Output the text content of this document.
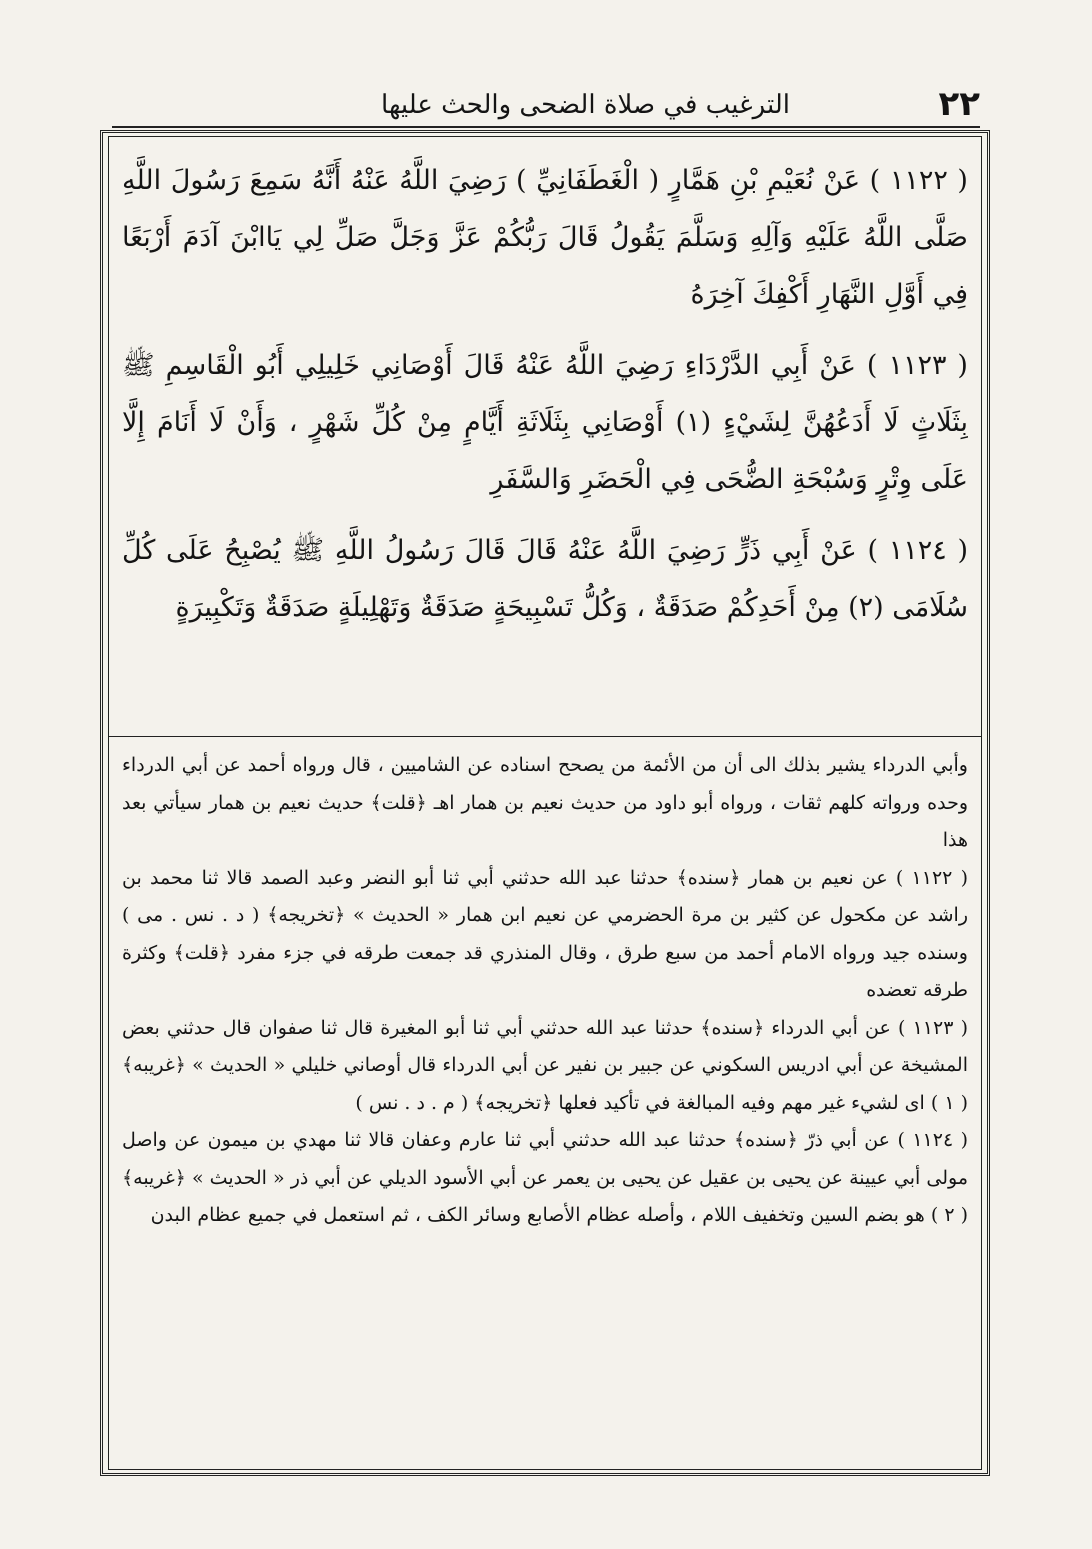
٢٢
الترغيب في صلاة الضحى والحث عليها

( ١١٢٢ ) عَنْ نُعَيْمِ بْنِ هَمَّارٍ ( الْغَطَفَانِيِّ ) رَضِيَ اللَّهُ عَنْهُ أَنَّهُ سَمِعَ رَسُولَ اللَّهِ صَلَّى اللَّهُ عَلَيْهِ وَآلِهِ وَسَلَّمَ يَقُولُ قَالَ رَبُّكُمْ عَزَّ وَجَلَّ صَلِّ لِي يَاابْنَ آدَمَ أَرْبَعًا فِي أَوَّلِ النَّهَارِ أَكْفِكَ آخِرَهُ

( ١١٢٣ ) عَنْ أَبِي الدَّرْدَاءِ رَضِيَ اللَّهُ عَنْهُ قَالَ أَوْصَانِي خَلِيلِي أَبُو الْقَاسِمِ ﷺ بِثَلَاثٍ لَا أَدَعُهُنَّ لِشَيْءٍ (١) أَوْصَانِي بِثَلَاثَةِ أَيَّامٍ مِنْ كُلِّ شَهْرٍ ، وَأَنْ لَا أَنَامَ إِلَّا عَلَى وِتْرٍ وَسُبْحَةِ الضُّحَى فِي الْحَضَرِ وَالسَّفَرِ

( ١١٢٤ ) عَنْ أَبِي ذَرٍّ رَضِيَ اللَّهُ عَنْهُ قَالَ قَالَ رَسُولُ اللَّهِ ﷺ يُصْبِحُ عَلَى كُلِّ سُلَامَى (٢) مِنْ أَحَدِكُمْ صَدَقَةٌ ، وَكُلُّ تَسْبِيحَةٍ صَدَقَةٌ وَتَهْلِيلَةٍ صَدَقَةٌ وَتَكْبِيرَةٍ

وأبي الدرداء يشير بذلك الى أن من الأئمة من يصحح اسناده عن الشاميين ، قال ورواه أحمد عن أبي الدرداء وحده ورواته كلهم ثقات ، ورواه أبو داود من حديث نعيم بن همار اهـ ﴿قلت﴾ حديث نعيم بن همار سيأتي بعد هذا

( ١١٢٢ ) عن نعيم بن همار ﴿سنده﴾ حدثنا عبد الله حدثني أبي ثنا أبو النضر وعبد الصمد قالا ثنا محمد بن راشد عن مكحول عن كثير بن مرة الحضرمي عن نعيم ابن همار « الحديث » ﴿تخريجه﴾ ( د . نس . مى ) وسنده جيد ورواه الامام أحمد من سبع طرق ، وقال المنذري قد جمعت طرقه في جزء مفرد ﴿قلت﴾ وكثرة طرقه تعضده

( ١١٢٣ ) عن أبي الدرداء ﴿سنده﴾ حدثنا عبد الله حدثني أبي ثنا أبو المغيرة قال ثنا صفوان قال حدثني بعض المشيخة عن أبي ادريس السكوني عن جبير بن نفير عن أبي الدرداء قال أوصاني خليلي « الحديث » ﴿غريبه﴾ ( ١ ) اى لشيء غير مهم وفيه المبالغة في تأكيد فعلها ﴿تخريجه﴾ ( م . د . نس )

( ١١٢٤ ) عن أبي ذرّ ﴿سنده﴾ حدثنا عبد الله حدثني أبي ثنا عارم وعفان قالا ثنا مهدي بن ميمون عن واصل مولى أبي عيينة عن يحيى بن عقيل عن يحيى بن يعمر عن أبي الأسود الديلي عن أبي ذر « الحديث » ﴿غريبه﴾ ( ٢ ) هو بضم السين وتخفيف اللام ، وأصله عظام الأصابع وسائر الكف ، ثم استعمل في جميع عظام البدن
